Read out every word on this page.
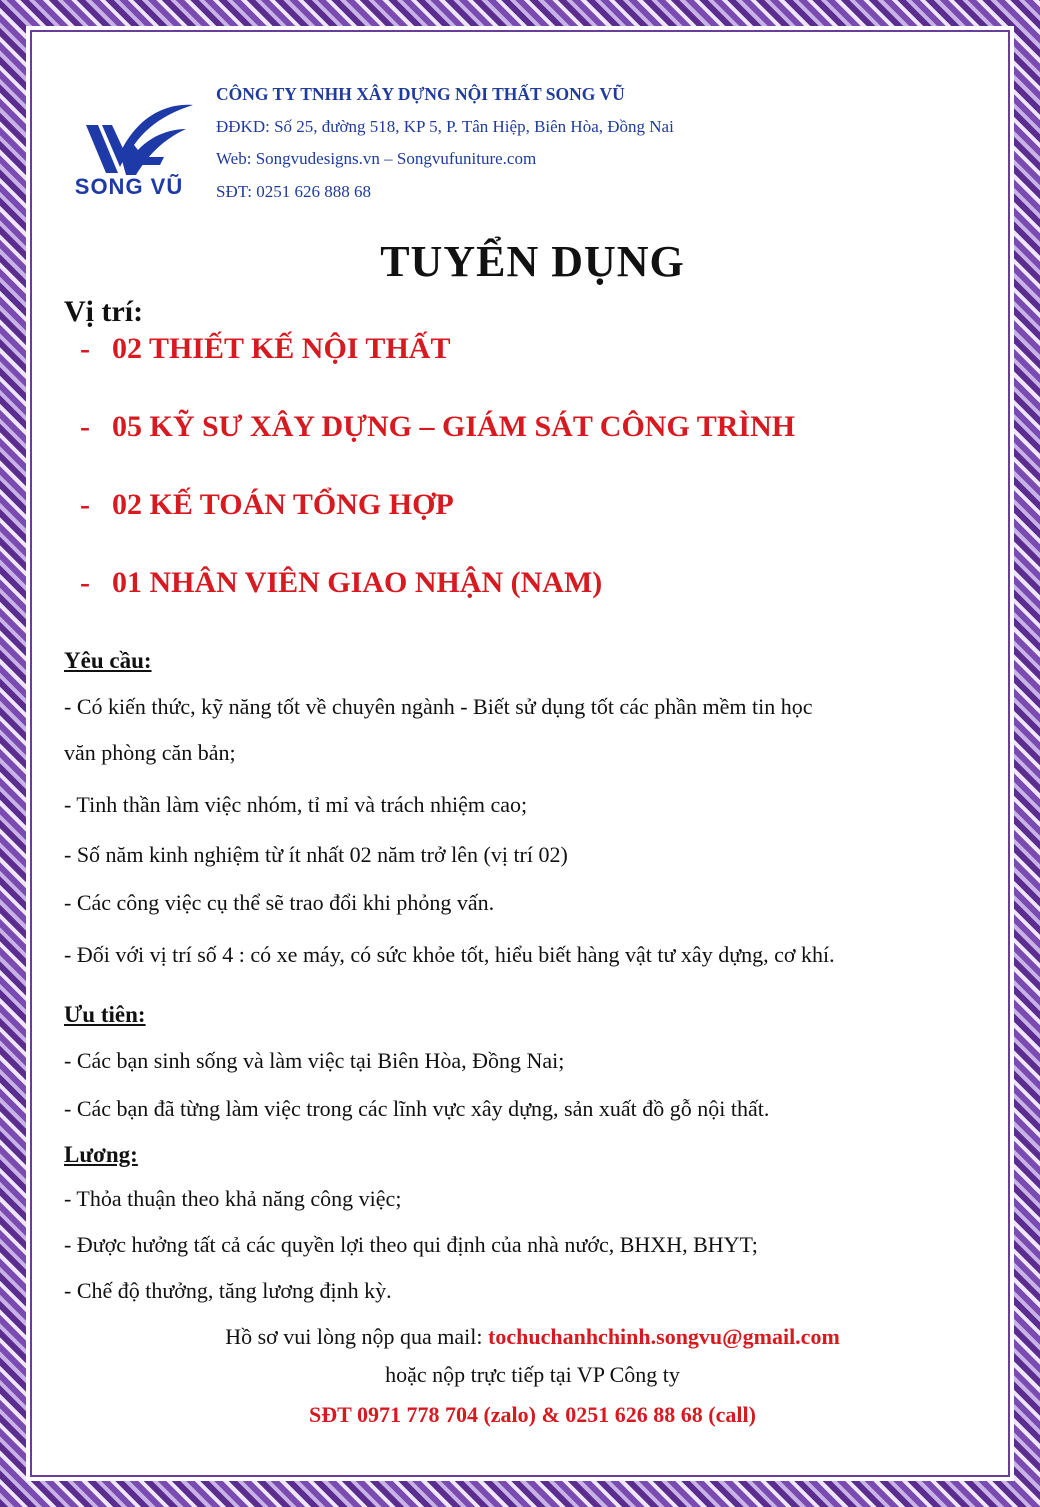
SONG VŨ
CÔNG TY TNHH XÂY DỰNG NỘI THẤT SONG VŨ
ĐĐKD: Số 25, đường 518, KP 5, P. Tân Hiệp, Biên Hòa, Đồng Nai
Web: Songvudesigns.vn – Songvufuniture.com
SĐT: 0251 626 888 68
TUYỂN DỤNG
Vị trí:
- 02 THIẾT KẾ NỘI THẤT
- 05 KỸ SƯ XÂY DỰNG – GIÁM SÁT CÔNG TRÌNH
- 02 KẾ TOÁN TỔNG HỢP
- 01 NHÂN VIÊN GIAO NHẬN (NAM)
Yêu cầu:
- Có kiến thức, kỹ năng tốt về chuyên ngành - Biết sử dụng tốt các phần mềm tin học
văn phòng căn bản;
- Tinh thần làm việc nhóm, tỉ mỉ và trách nhiệm cao;
- Số năm kinh nghiệm từ ít nhất 02 năm trở lên (vị trí 02)
- Các công việc cụ thể sẽ trao đổi khi phỏng vấn.
- Đối với vị trí số 4 : có xe máy, có sức khỏe tốt, hiểu biết hàng vật tư xây dựng, cơ khí.
Ưu tiên:
- Các bạn sinh sống và làm việc tại Biên Hòa, Đồng Nai;
- Các bạn đã từng làm việc trong các lĩnh vực xây dựng, sản xuất đồ gỗ nội thất.
Lương:
- Thỏa thuận theo khả năng công việc;
- Được hưởng tất cả các quyền lợi theo qui định của nhà nước, BHXH, BHYT;
- Chế độ thưởng, tăng lương định kỳ.
Hồ sơ vui lòng nộp qua mail: tochuchanhchinh.songvu@gmail.com
hoặc nộp trực tiếp tại VP Công ty
SĐT 0971 778 704 (zalo) & 0251 626 88 68 (call)
